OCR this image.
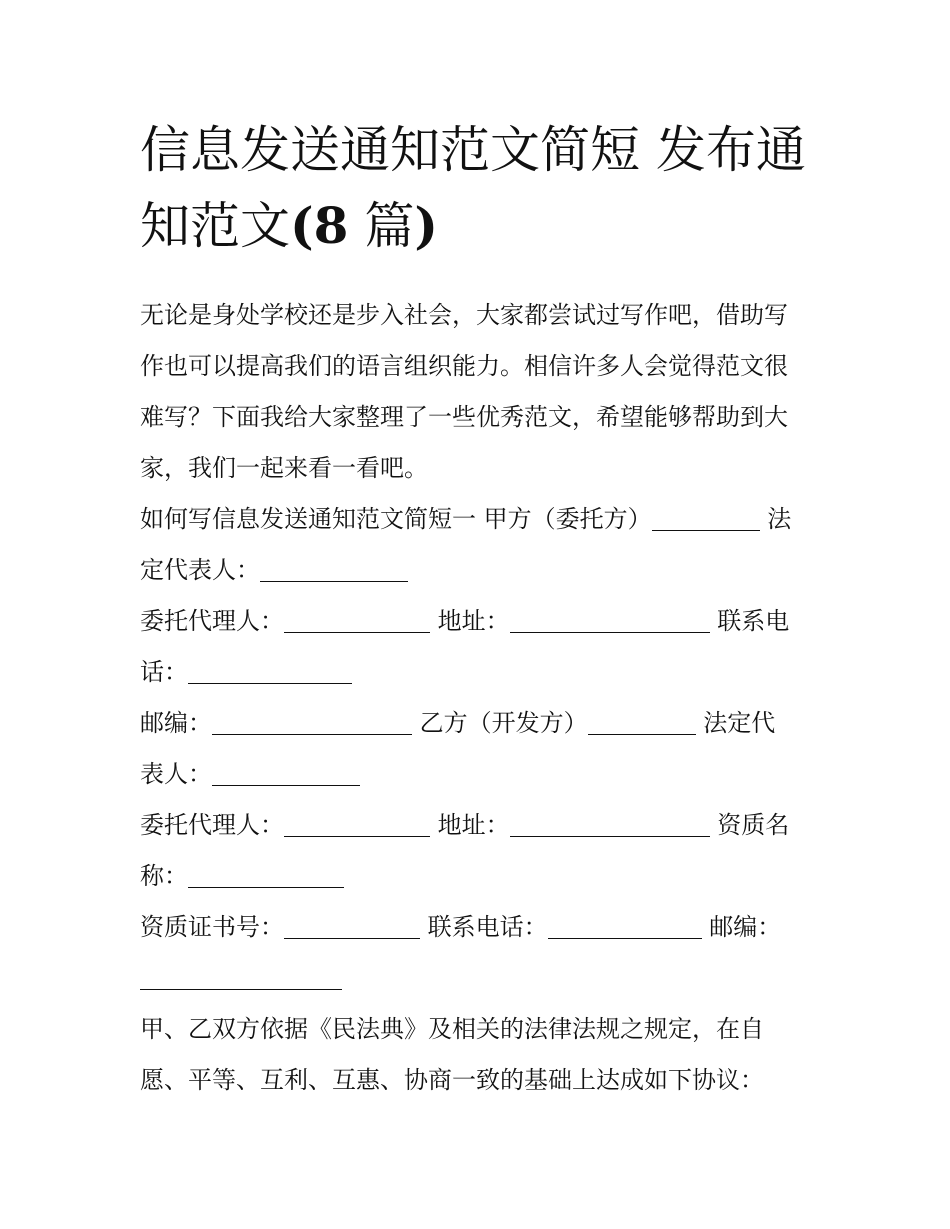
信息发送通知范文简短 发布通
知范文(8 篇)

无论是身处学校还是步入社会，大家都尝试过写作吧，借助写
作也可以提高我们的语言组织能力。相信许多人会觉得范文很
难写？下面我给大家整理了一些优秀范文，希望能够帮助到大
家，我们一起来看一看吧。

如何写信息发送通知范文简短一 甲方（委托方）	法
定代表人：
委托代理人：	地址：	联系电
话：
邮编：	乙方（开发方）	法定代
表人：
委托代理人：	地址：	资质名
称：
资质证书号：	联系电话：	邮编：

甲、乙双方依据《民法典》及相关的法律法规之规定，在自
愿、平等、互利、互惠、协商一致的基础上达成如下协议：
